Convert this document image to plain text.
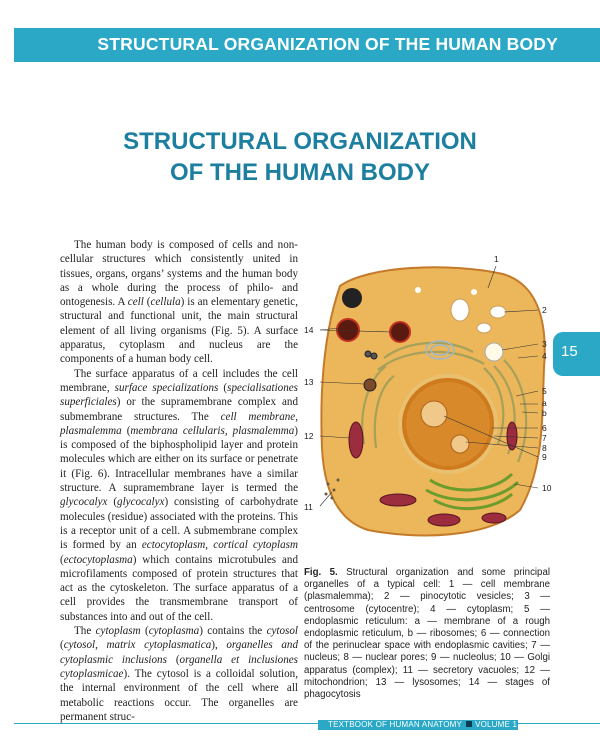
STRUCTURAL ORGANIZATION OF THE HUMAN BODY
STRUCTURAL ORGANIZATION
OF THE HUMAN BODY

The human body is composed of cells and non-cellular structures which consistently united in tissues, organs, organs’ systems and the human body as a whole during the process of philo- and ontogenesis. A cell (cellula) is an elementary genetic, structural and functional unit, the main structural element of all living organisms (Fig. 5). A surface apparatus, cytoplasm and nucleus are the components of a human body cell.

The surface apparatus of a cell includes the cell membrane, surface specializations (specialisationes superficiales) or the supramembrane complex and submembrane structures. The cell membrane, plasmalemma (membrana cellularis, plasmalemma) is composed of the biphospholipid layer and protein molecules which are either on its surface or penetrate it (Fig. 6). Intracellular membranes have a similar structure. A supramembrane layer is termed the glycocalyx (glycocalyx) consisting of carbohydrate molecules (residue) associated with the proteins. This is a receptor unit of a cell. A submembrane complex is formed by an ectocytoplasm, cortical cytoplasm (ectocytoplasma) which contains microtubules and microfilaments composed of protein structures that act as the cytoskeleton. The surface apparatus of a cell provides the transmembrane transport of substances into and out of the cell.

The cytoplasm (cytoplasma) contains the cytosol (cytosol, matrix cytoplasmatica), organelles and cytoplasmic inclusions (organella et inclusiones cytoplasmicae). The cytosol is a colloidal solution, the internal environment of the cell where all metabolic reactions occur. The organelles are permanent struc-

1
2
3
4
5
a
b
6
7
8
9
10
11
12
13
14
Fig. 5. Structural organization and some principal organelles of a typical cell: 1 — cell membrane (plasmalemma); 2 — pinocytotic vesicles; 3 — centrosome (cytocentre); 4 — cytoplasm; 5 — endoplasmic reticulum: a — membrane of a rough endoplasmic reticulum, b — ribosomes; 6 — connection of the perinuclear space with endoplasmic cavities; 7 — nucleus; 8 — nuclear pores; 9 — nucleolus; 10 — Golgi apparatus (complex); 11 — secretory vacuoles; 12 — mitochondrion; 13 — lysosomes; 14 — stages of phagocytosis
15
TEXTBOOK OF HUMAN ANATOMY VOLUME 1
